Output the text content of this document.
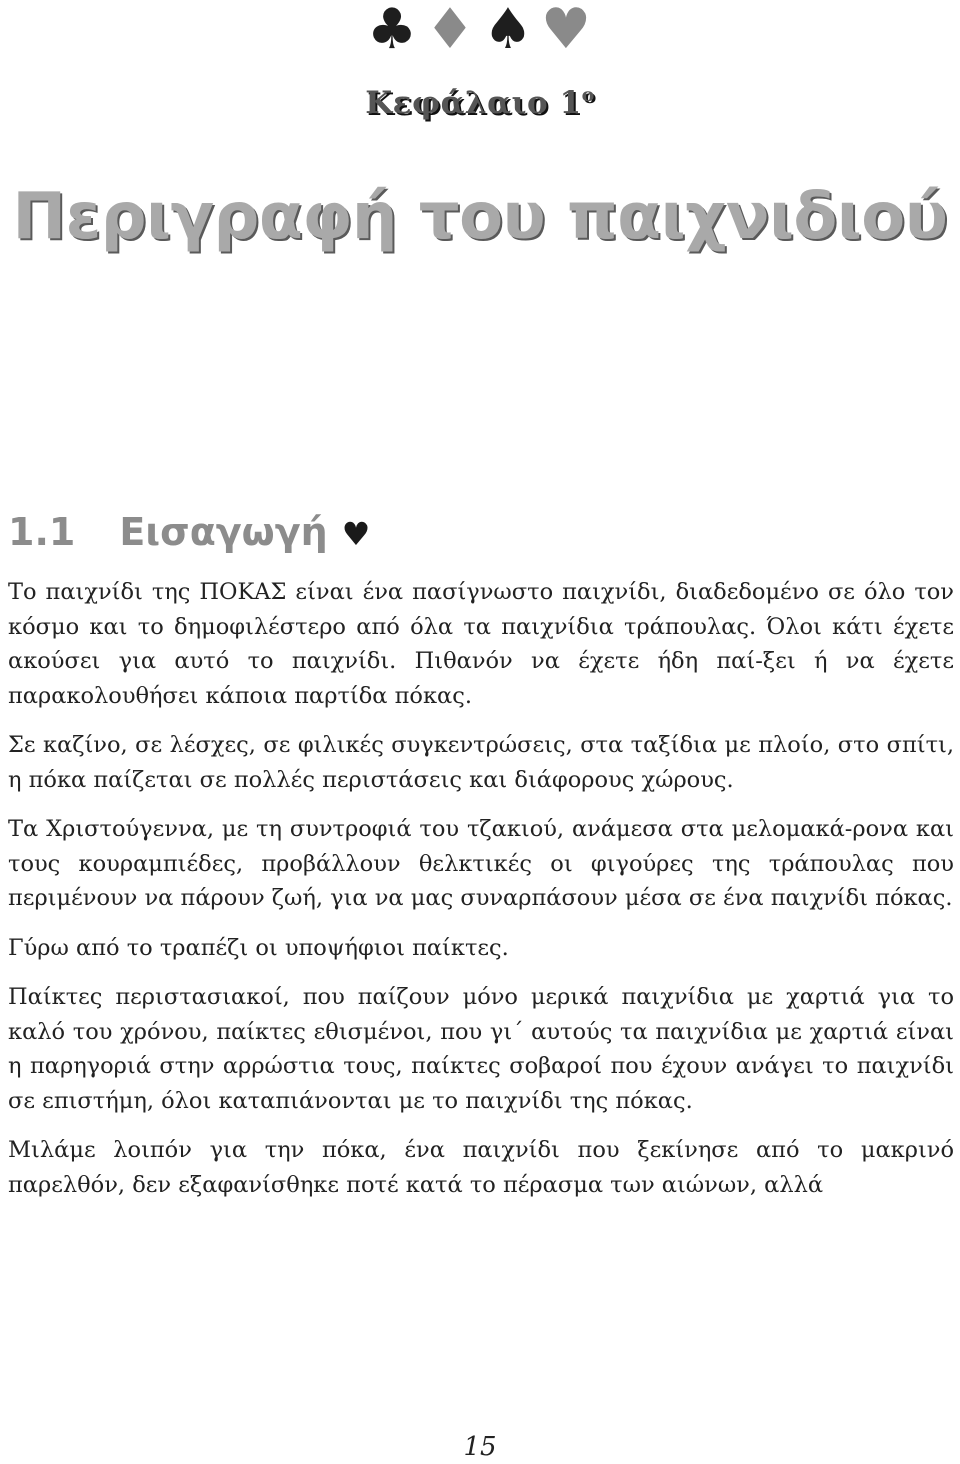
♣ ♦ ♠ ♥
Κεφάλαιο $1^o$
Περιγραφή του παιχνιδιού
1.1 Εισαγωγή ♥

Το παιχνίδι της ΠΟΚΑΣ είναι ένα πασίγνωστο παιχνίδι, διαδεδομένο σε όλο τον κόσμο και το δημοφιλέστερο από όλα τα παιχνίδια τράπουλας. Όλοι κάτι έχετε ακούσει για αυτό το παιχνίδι. Πιθανόν να έχετε ήδη παί-ξει ή να έχετε παρακολουθήσει κάποια παρτίδα πόκας.

Σε καζίνο, σε λέσχες, σε φιλικές συγκεντρώσεις, στα ταξίδια με πλοίο, στο σπίτι, η πόκα παίζεται σε πολλές περιστάσεις και διάφορους χώρους.

Τα Χριστούγεννα, με τη συντροφιά του τζακιού, ανάμεσα στα μελομακά-ρονα και τους κουραμπιέδες, προβάλλουν θελκτικές οι φιγούρες της τράπουλας που περιμένουν να πάρουν ζωή, για να μας συναρπάσουν μέσα σε ένα παιχνίδι πόκας.

Γύρω από το τραπέζι οι υποψήφιοι παίκτες.

Παίκτες περιστασιακοί, που παίζουν μόνο μερικά παιχνίδια με χαρτιά για το καλό του χρόνου, παίκτες εθισμένοι, που γι΄ αυτούς τα παιχνίδια με χαρτιά είναι η παρηγοριά στην αρρώστια τους, παίκτες σοβαροί που έχουν ανάγει το παιχνίδι σε επιστήμη, όλοι καταπιάνονται με το παιχνίδι της πόκας.

Μιλάμε λοιπόν για την πόκα, ένα παιχνίδι που ξεκίνησε από το μακρινό παρελθόν, δεν εξαφανίσθηκε ποτέ κατά το πέρασμα των αιώνων, αλλά

15
